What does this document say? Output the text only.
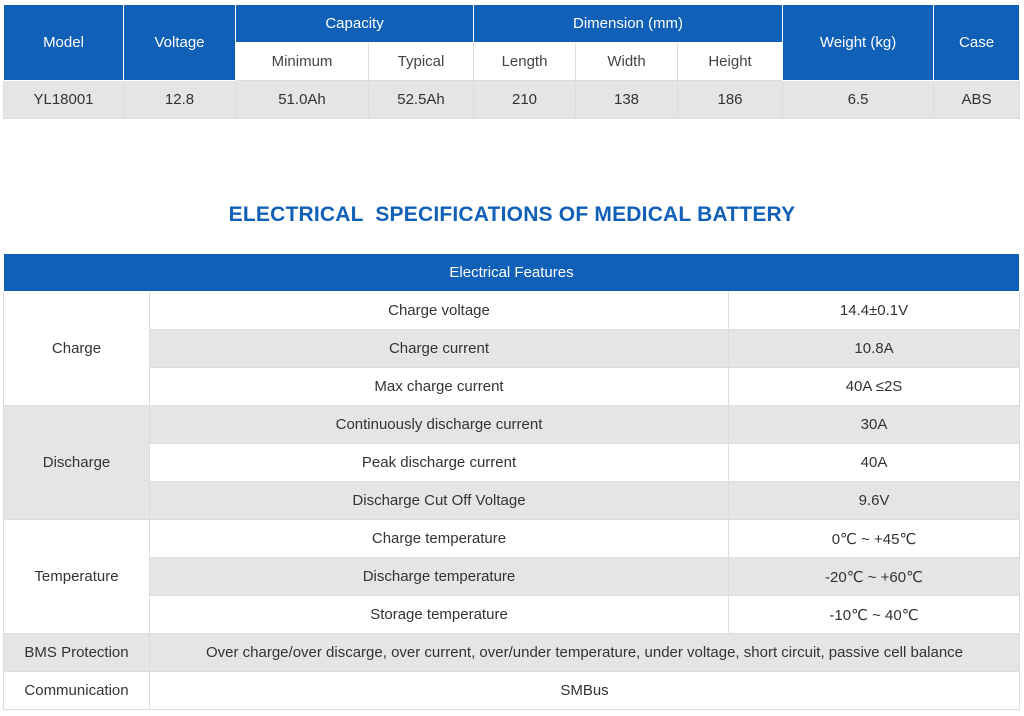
Model	Voltage	Capacity		Dimension (mm)			Weight (kg)	Case
		Minimum	Typical	Length	Width	Height		
YL18001	12.8	51.0Ah	52.5Ah	210	138	186	6.5	ABS
ELECTRICAL  SPECIFICATIONS OF MEDICAL BATTERY
Electrical Features		
Charge	Charge voltage	14.4±0.1V
	Charge current	10.8A
	Max charge current	40A ≤2S
Discharge	Continuously discharge current	30A
	Peak discharge current	40A
	Discharge Cut Off Voltage	9.6V
Temperature	Charge temperature	0℃ ~ +45℃
	Discharge temperature	-20℃ ~ +60℃
	Storage temperature	-10℃ ~ 40℃
BMS Protection	Over charge/over discarge, over current, over/under temperature, under voltage, short circuit, passive cell balance	
Communication	SMBus	
